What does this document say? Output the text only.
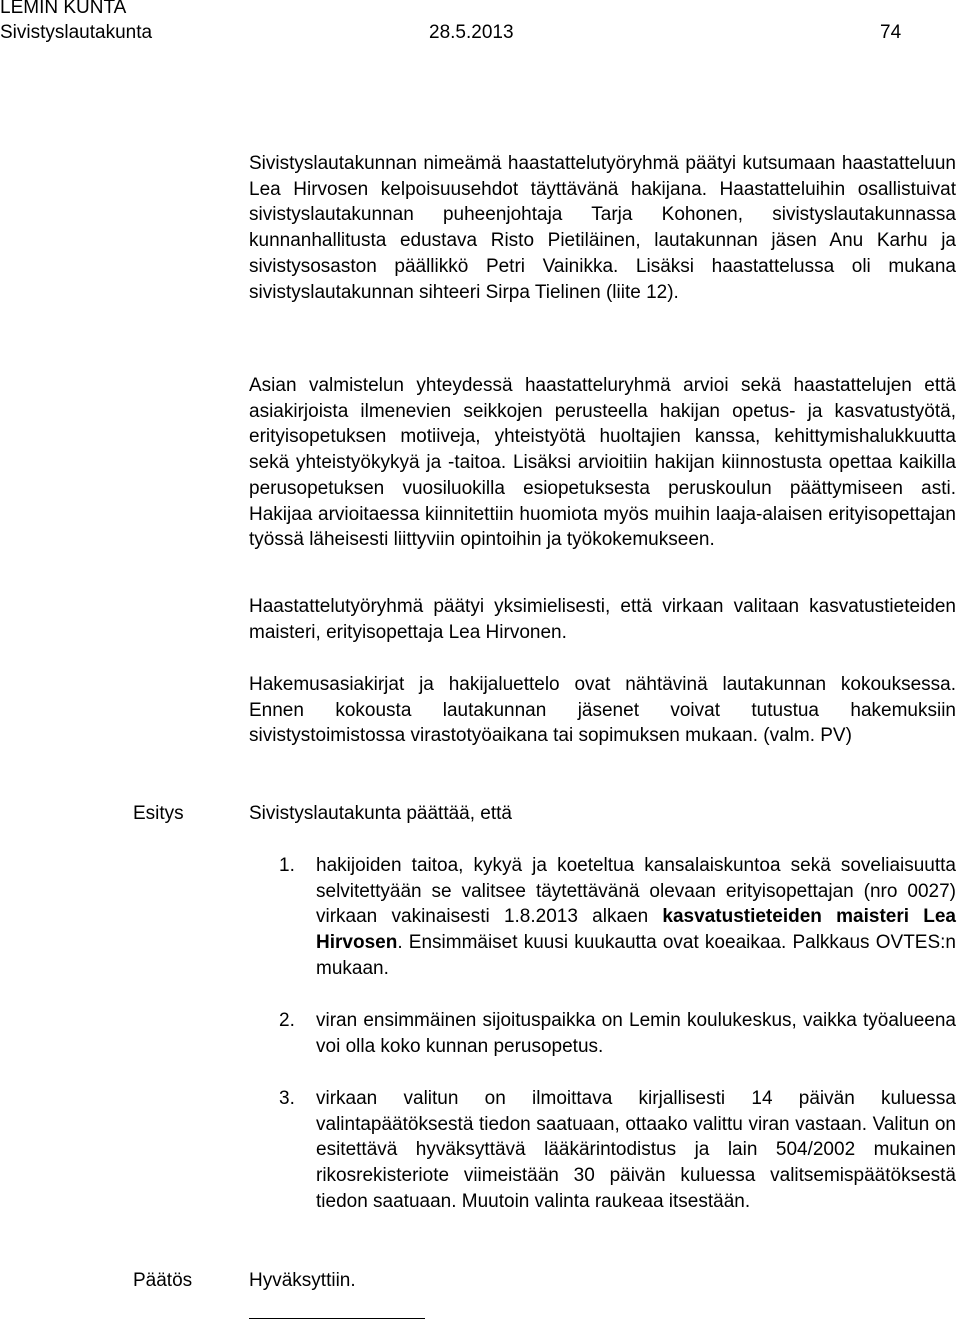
LEMIN KUNTA
Sivistyslautakunta	28.5.2013	74

Sivistyslautakunnan nimeämä haastattelutyöryhmä päätyi kutsumaan haastatteluun Lea Hirvosen kelpoisuusehdot täyttävänä hakijana. Haastatteluihin osallistuivat sivistyslautakunnan puheenjohtaja Tarja Kohonen, sivistyslautakunnassa kunnanhallitusta edustava Risto Pietiläinen, lautakunnan jäsen Anu Karhu ja sivistysosaston päällikkö Petri Vainikka. Lisäksi haastattelussa oli mukana sivistyslautakunnan sihteeri Sirpa Tielinen (liite 12).

Asian valmistelun yhteydessä haastatteluryhmä arvioi sekä haastattelujen että asiakirjoista ilmenevien seikkojen perusteella hakijan opetus- ja kasvatustyötä, erityisopetuksen motiiveja, yhteistyötä huoltajien kanssa, kehittymishalukkuutta sekä yhteistyökykyä ja -taitoa. Lisäksi arvioitiin hakijan kiinnostusta opettaa kaikilla perusopetuksen vuosiluokilla esiopetuksesta peruskoulun päättymiseen asti. Hakijaa arvioitaessa kiinnitettiin huomiota myös muihin laaja-alaisen erityisopettajan työssä läheisesti liittyviin opintoihin ja työkokemukseen.

Haastattelutyöryhmä päätyi yksimielisesti, että virkaan valitaan kasvatustieteiden maisteri, erityisopettaja Lea Hirvonen.

Hakemusasiakirjat ja hakijaluettelo ovat nähtävinä lautakunnan kokouksessa. Ennen kokousta lautakunnan jäsenet voivat tutustua hakemuksiin sivistystoimistossa virastotyöaikana tai sopimuksen mukaan. (valm. PV)

Esitys	Sivistyslautakunta päättää, että
1. hakijoiden taitoa, kykyä ja koeteltua kansalaiskuntoa sekä soveliaisuutta selvitettyään se valitsee täytettävänä olevaan erityisopettajan (nro 0027) virkaan vakinaisesti 1.8.2013 alkaen kasvatustieteiden maisteri Lea Hirvosen. Ensimmäiset kuusi kuukautta ovat koeaikaa. Palkkaus OVTES:n mukaan.
2. viran ensimmäinen sijoituspaikka on Lemin koulukeskus, vaikka työalueena voi olla koko kunnan perusopetus.
3. virkaan valitun on ilmoittava kirjallisesti 14 päivän kuluessa valintapäätöksestä tiedon saatuaan, ottaako valittu viran vastaan. Valitun on esitettävä hyväksyttävä lääkärintodistus ja lain 504/2002 mukainen rikosrekisteriote viimeistään 30 päivän kuluessa valitsemispäätöksestä tiedon saatuaan. Muutoin valinta raukeaa itsestään.
Päätös	Hyväksyttiin.
